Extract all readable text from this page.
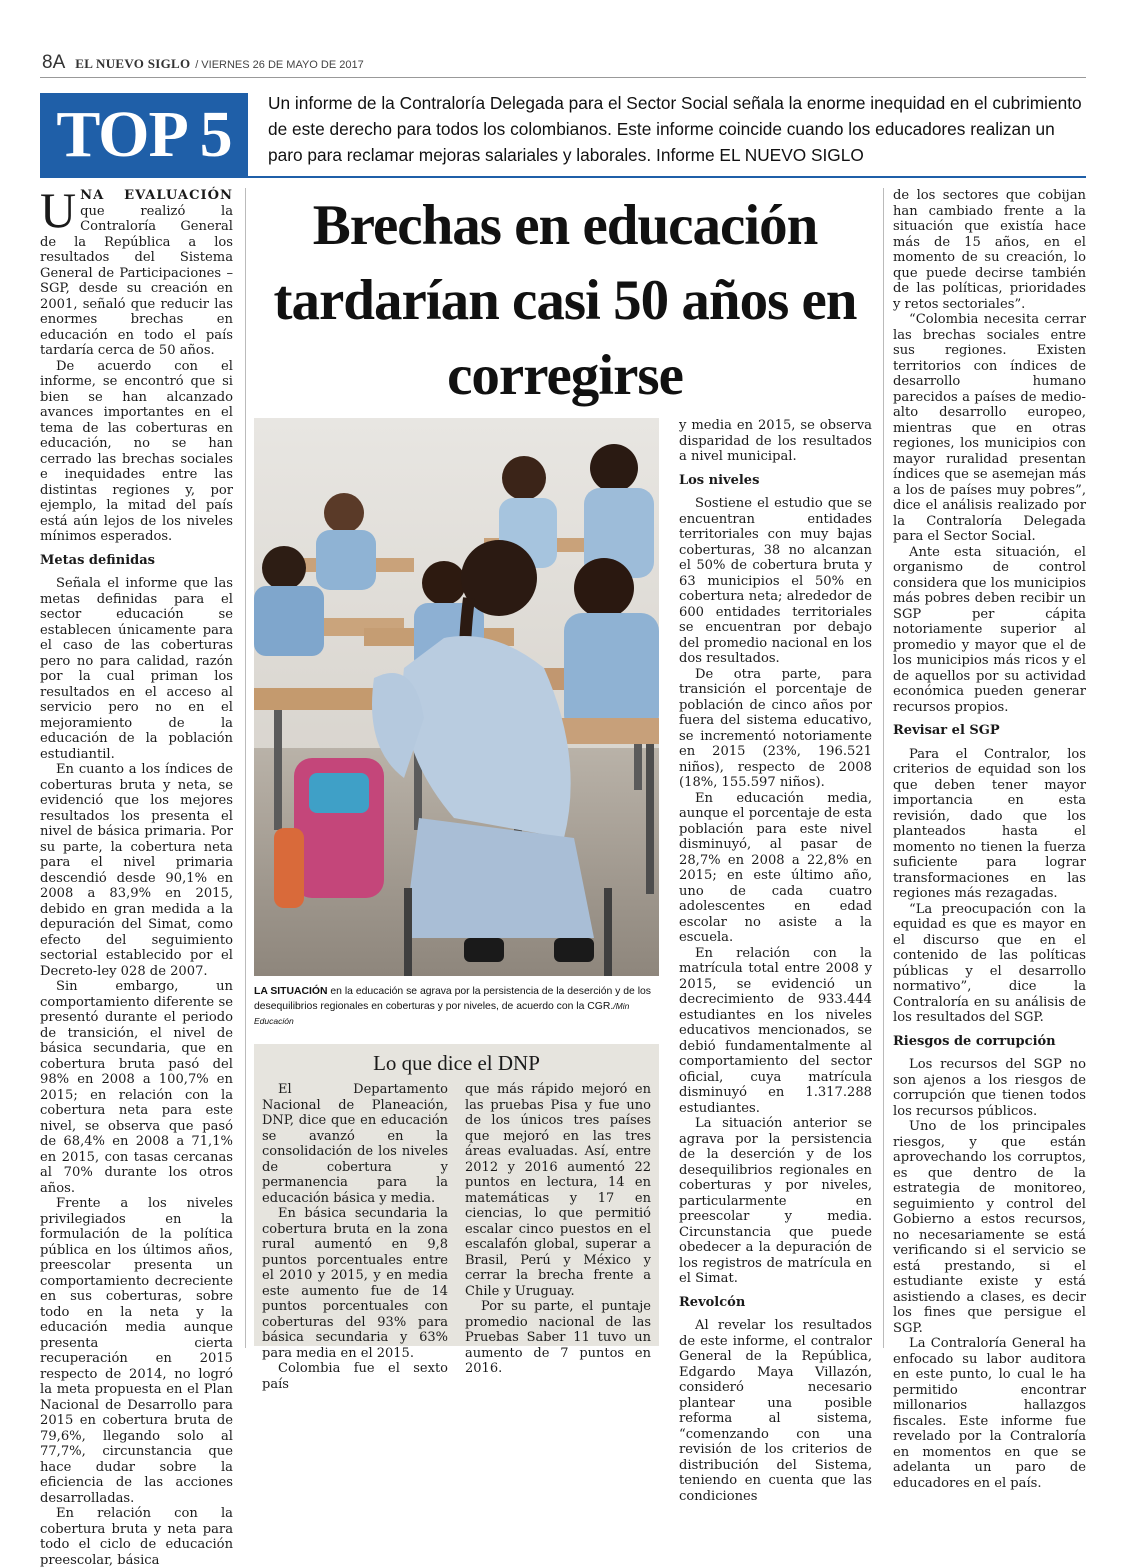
8A EL NUEVO SIGLO / VIERNES 26 DE MAYO DE 2017
TOP 5	Un informe de la Contraloría Delegada para el Sector Social señala la enorme inequidad en el cubrimiento de este derecho para todos los colombianos. Este informe coincide cuando los educadores realizan un paro para reclamar mejoras salariales y laborales. Informe EL NUEVO SIGLO
Brechas en educación tardarían casi 50 años en corregirse

UNA EVALUACIÓN que realizó la Contraloría General de la República a los resultados del Sistema General de Participaciones –SGP, desde su creación en 2001, señaló que reducir las enormes brechas en educación en todo el país tardaría cerca de 50 años.

De acuerdo con el informe, se encontró que si bien se han alcanzado avances importantes en el tema de las coberturas en educación, no se han cerrado las brechas sociales e inequidades entre las distintas regiones y, por ejemplo, la mitad del país está aún lejos de los niveles mínimos esperados.

Metas definidas

Señala el informe que las metas definidas para el sector educación se establecen únicamente para el caso de las coberturas pero no para calidad, razón por la cual priman los resultados en el acceso al servicio pero no en el mejoramiento de la educación de la población estudiantil.

En cuanto a los índices de coberturas bruta y neta, se evidenció que los mejores resultados los presenta el nivel de básica primaria. Por su parte, la cobertura neta para el nivel primaria descendió desde 90,1% en 2008 a 83,9% en 2015, debido en gran medida a la depuración del Simat, como efecto del seguimiento sectorial establecido por el Decreto-ley 028 de 2007.

Sin embargo, un comportamiento diferente se presentó durante el periodo de transición, el nivel de básica secundaria, que en cobertura bruta pasó del 98% en 2008 a 100,7% en 2015; en relación con la cobertura neta para este nivel, se observa que pasó de 68,4% en 2008 a 71,1% en 2015, con tasas cercanas al 70% durante los otros años.

Frente a los niveles privilegiados en la formulación de la política pública en los últimos años, preescolar presenta un comportamiento decreciente en sus coberturas, sobre todo en la neta y la educación media aunque presenta cierta recuperación en 2015 respecto de 2014, no logró la meta propuesta en el Plan Nacional de Desarrollo para 2015 en cobertura bruta de 79,6%, llegando solo al 77,7%, circunstancia que hace dudar sobre la eficiencia de las acciones desarrolladas.

En relación con la cobertura bruta y neta para todo el ciclo de educación preescolar, básica

LA SITUACIÓN en la educación se agrava por la persistencia de la deserción y de los desequilibrios regionales en coberturas y por niveles, de acuerdo con la CGR./Min Educación
Lo que dice el DNP

El Departamento Nacional de Planeación, DNP, dice que en educación se avanzó en la consolidación de los niveles de cobertura y permanencia para la educación básica y media.

En básica secundaria la cobertura bruta en la zona rural aumentó en 9,8 puntos porcentuales entre el 2010 y 2015, y en media este aumento fue de 14 puntos porcentuales con coberturas del 93% para básica secundaria y 63% para media en el 2015.

Colombia fue el sexto país

que más rápido mejoró en las pruebas Pisa y fue uno de los únicos tres países que mejoró en las tres áreas evaluadas. Así, entre 2012 y 2016 aumentó 22 puntos en lectura, 14 en matemáticas y 17 en ciencias, lo que permitió escalar cinco puestos en el escalafón global, superar a Brasil, Perú y México y cerrar la brecha frente a Chile y Uruguay.

Por su parte, el puntaje promedio nacional de las Pruebas Saber 11 tuvo un aumento de 7 puntos en 2016.

y media en 2015, se observa disparidad de los resultados a nivel municipal.

Los niveles

Sostiene el estudio que se encuentran entidades territoriales con muy bajas coberturas, 38 no alcanzan el 50% de cobertura bruta y 63 municipios el 50% en cobertura neta; alrededor de 600 entidades territoriales se encuentran por debajo del promedio nacional en los dos resultados.

De otra parte, para transición el porcentaje de población de cinco años por fuera del sistema educativo, se incrementó notoriamente en 2015 (23%, 196.521 niños), respecto de 2008 (18%, 155.597 niños).

En educación media, aunque el porcentaje de esta población para este nivel disminuyó, al pasar de 28,7% en 2008 a 22,8% en 2015; en este último año, uno de cada cuatro adolescentes en edad escolar no asiste a la escuela.

En relación con la matrícula total entre 2008 y 2015, se evidenció un decrecimiento de 933.444 estudiantes en los niveles educativos mencionados, se debió fundamentalmente al comportamiento del sector oficial, cuya matrícula disminuyó en 1.317.288 estudiantes.

La situación anterior se agrava por la persistencia de la deserción y de los desequilibrios regionales en coberturas y por niveles, particularmente en preescolar y media. Circunstancia que puede obedecer a la depuración de los registros de matrícula en el Simat.

Revolcón

Al revelar los resultados de este informe, el contralor General de la República, Edgardo Maya Villazón, consideró necesario plantear una posible reforma al sistema, “comenzando con una revisión de los criterios de distribución del Sistema, teniendo en cuenta que las condiciones

de los sectores que cobijan han cambiado frente a la situación que existía hace más de 15 años, en el momento de su creación, lo que puede decirse también de las políticas, prioridades y retos sectoriales”.

“Colombia necesita cerrar las brechas sociales entre sus regiones. Existen territorios con índices de desarrollo humano parecidos a países de medio-alto desarrollo europeo, mientras que en otras regiones, los municipios con mayor ruralidad presentan índices que se asemejan más a los de países muy pobres”, dice el análisis realizado por la Contraloría Delegada para el Sector Social.

Ante esta situación, el organismo de control considera que los municipios más pobres deben recibir un SGP per cápita notoriamente superior al promedio y mayor que el de los municipios más ricos y el de aquellos por su actividad económica pueden generar recursos propios.

Revisar el SGP

Para el Contralor, los criterios de equidad son los que deben tener mayor importancia en esta revisión, dado que los planteados hasta el momento no tienen la fuerza suficiente para lograr transformaciones en las regiones más rezagadas.

“La preocupación con la equidad es que es mayor en el discurso que en el contenido de las políticas públicas y el desarrollo normativo”, dice la Contraloría en su análisis de los resultados del SGP.

Riesgos de corrupción

Los recursos del SGP no son ajenos a los riesgos de corrupción que tienen todos los recursos públicos.

Uno de los principales riesgos, y que están aprovechando los corruptos, es que dentro de la estrategia de monitoreo, seguimiento y control del Gobierno a estos recursos, no necesariamente se está verificando si el servicio se está prestando, si el estudiante existe y está asistiendo a clases, es decir los fines que persigue el SGP.

La Contraloría General ha enfocado su labor auditora en este punto, lo cual le ha permitido encontrar millonarios hallazgos fiscales. Este informe fue revelado por la Contraloría en momentos en que se adelanta un paro de educadores en el país.
